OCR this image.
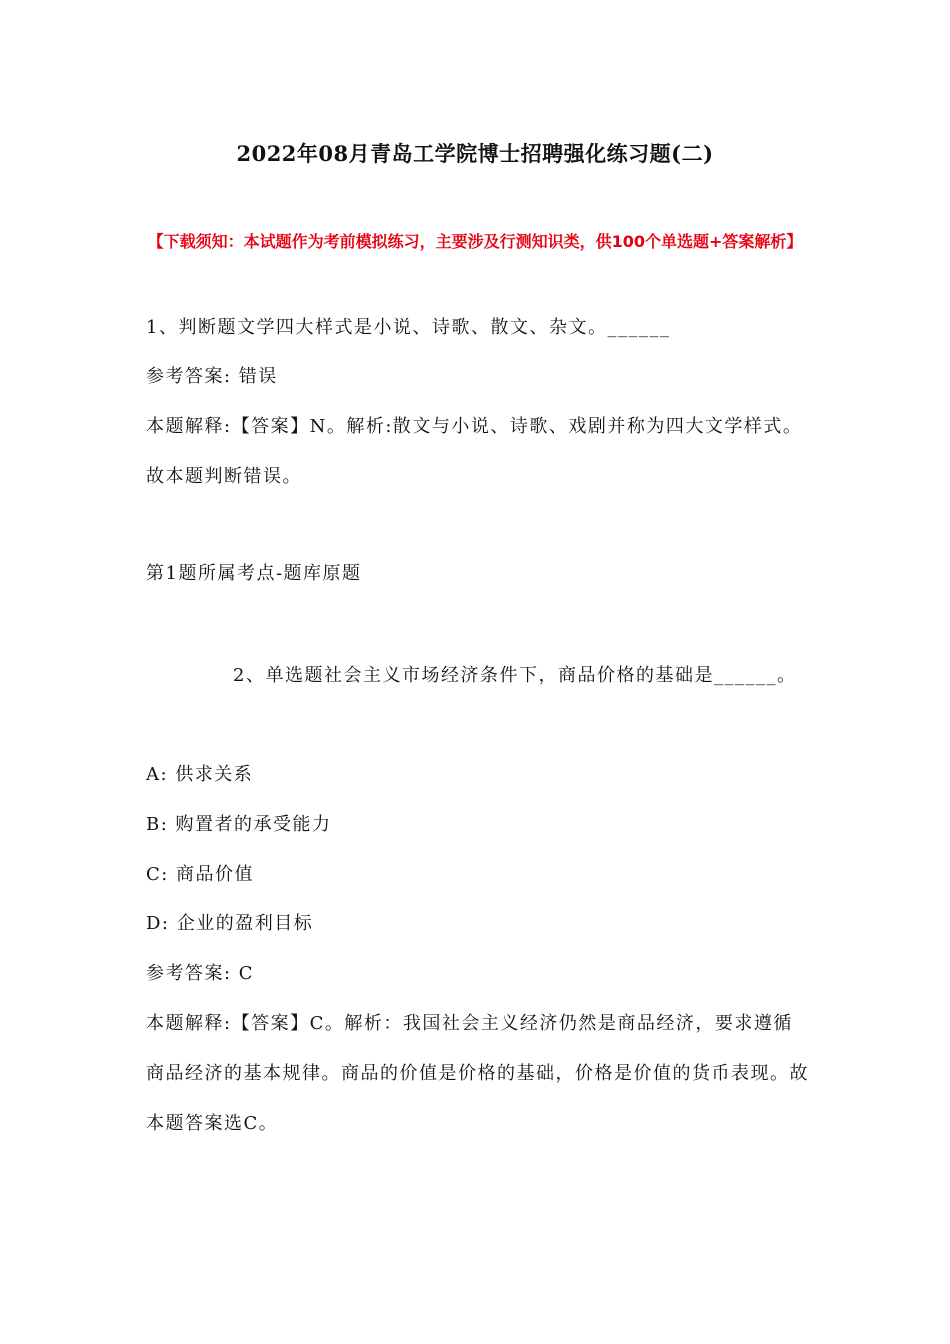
2022年08月青岛工学院博士招聘强化练习题(二)
【下载须知：本试题作为考前模拟练习，主要涉及行测知识类，供100个单选题+答案解析】
1、判断题文学四大样式是小说、诗歌、散文、杂文。______
参考答案: 错误
本题解释:【答案】N。解析:散文与小说、诗歌、戏剧并称为四大文学样式。故本题判断错误。
第1题所属考点-题库原题
2、单选题社会主义市场经济条件下，商品价格的基础是______。
A: 供求关系
B: 购置者的承受能力
C: 商品价值
D: 企业的盈利目标
参考答案: C
本题解释:【答案】C。解析：我国社会主义经济仍然是商品经济，要求遵循商品经济的基本规律。商品的价值是价格的基础，价格是价值的货币表现。故本题答案选C。
